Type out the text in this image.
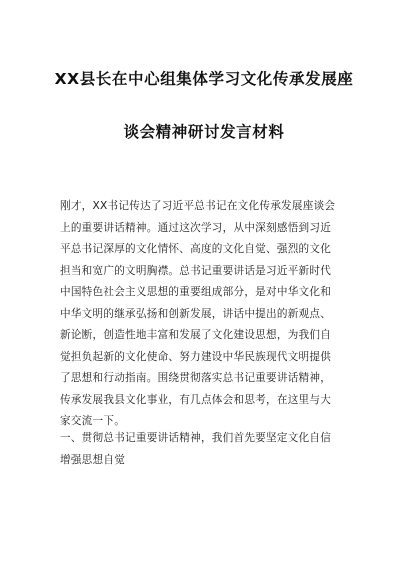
XX县长在中心组集体学习文化传承发展座
谈会精神研讨发言材料
刚才，XX书记传达了习近平总书记在文化传承发展座谈会
上的重要讲话精神。通过这次学习，从中深刻感悟到习近
平总书记深厚的文化情怀、高度的文化自觉、强烈的文化
担当和宽广的文明胸襟。总书记重要讲话是习近平新时代
中国特色社会主义思想的重要组成部分，是对中华文化和
中华文明的继承弘扬和创新发展，讲话中提出的新观点、
新论断，创造性地丰富和发展了文化建设思想，为我们自
觉担负起新的文化使命、努力建设中华民族现代文明提供
了思想和行动指南。围绕贯彻落实总书记重要讲话精神，
传承发展我县文化事业，有几点体会和思考，在这里与大
家交流一下。
一、贯彻总书记重要讲话精神，我们首先要坚定文化自信
增强思想自觉
